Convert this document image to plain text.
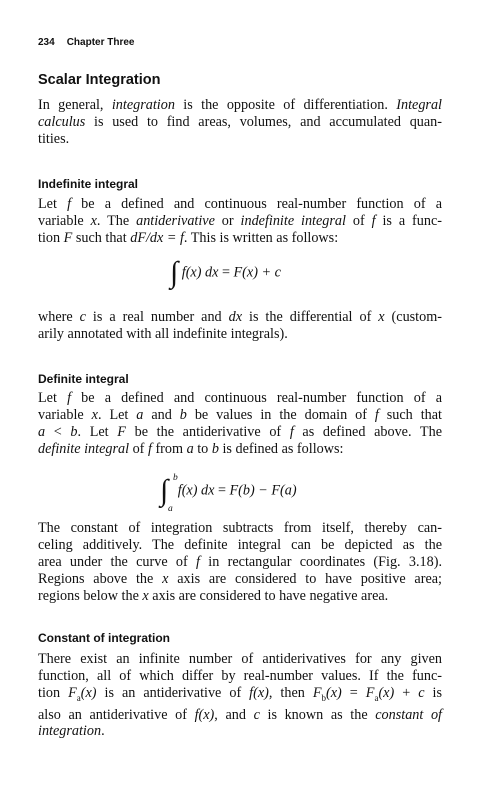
234 Chapter Three
Scalar Integration
In general, integration is the opposite of differentiation. Integral
calculus is used to find areas, volumes, and accumulated quan-
tities.
Indefinite integral
Let f be a defined and continuous real-number function of a
variable x. The antiderivative or indefinite integral of f is a func-
tion F such that dF/dx = f. This is written as follows:
∫ f(x) dx = F(x) + c
where c is a real number and dx is the differential of x (custom-
arily annotated with all indefinite integrals).
Definite integral
Let f be a defined and continuous real-number function of a
variable x. Let a and b be values in the domain of f such that
a < b. Let F be the antiderivative of f as defined above. The
definite integral of f from a to b is defined as follows:
∫ b
a
f(x) dx = F(b) − F(a)
The constant of integration subtracts from itself, thereby can-
celing additively. The definite integral can be depicted as the
area under the curve of f in rectangular coordinates (Fig. 3.18).
Regions above the x axis are considered to have positive area;
regions below the x axis are considered to have negative area.
Constant of integration
There exist an infinite number of antiderivatives for any given
function, all of which differ by real-number values. If the func-
tion $F_a(x)$ is an antiderivative of f(x), then $F_b(x) = F_a(x) + c$ is
also an antiderivative of f(x), and c is known as the constant of
integration.
